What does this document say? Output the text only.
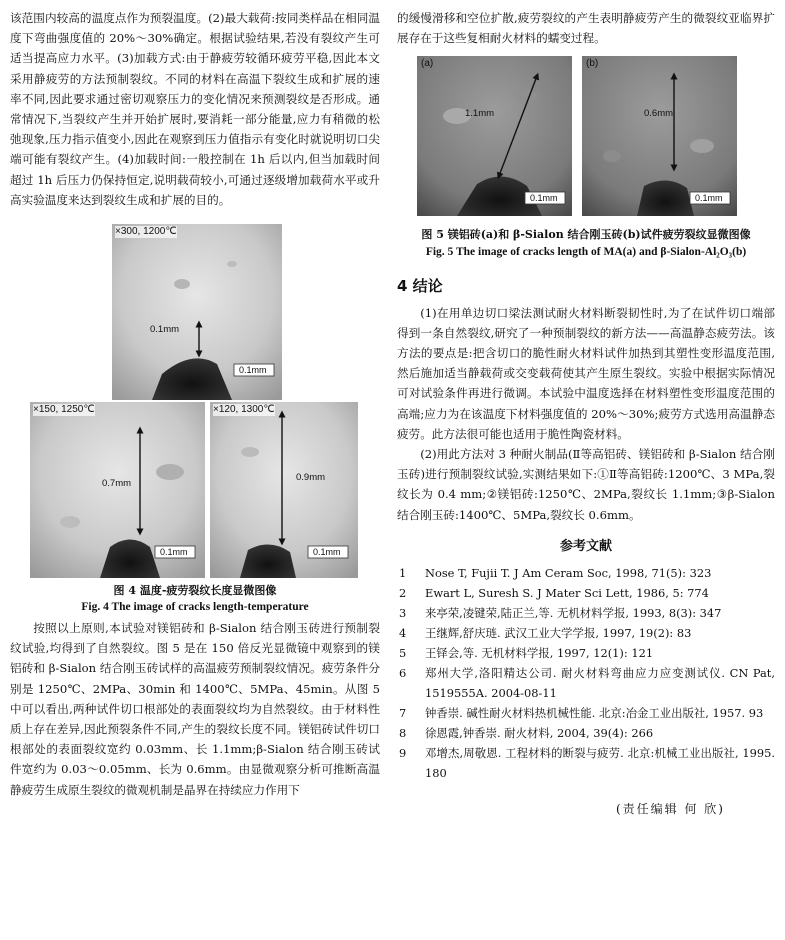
该范围内较高的温度点作为预裂温度。(2)最大载荷:按同类样品在相同温度下弯曲强度值的 20%～30%确定。根据试验结果,若没有裂纹产生可适当提高应力水平。(3)加载方式:由于静疲劳较循环疲劳平稳,因此本文采用静疲劳的方法预制裂纹。不同的材料在高温下裂纹生成和扩展的速率不同,因此要求通过密切观察压力的变化情况来预测裂纹是否形成。通常情况下,当裂纹产生并开始扩展时,要消耗一部分能量,应力有稍微的松弛现象,压力指示值变小,因此在观察到压力值指示有变化时就说明切口尖端可能有裂纹产生。(4)加载时间:一般控制在 1h 后以内,但当加载时间超过 1h 后压力仍保持恒定,说明载荷较小,可通过逐级增加载荷水平或升高实验温度来达到裂纹生成和扩展的目的。

×300, 1200℃
0.1mm
0.1mm
×150, 1250℃
0.7mm
0.1mm
×120, 1300℃
0.9mm
0.1mm
图 4 温度-疲劳裂纹长度显微图像
Fig. 4 The image of cracks length-temperature

按照以上原则,本试验对镁铝砖和 β-Sialon 结合刚玉砖进行预制裂纹试验,均得到了自然裂纹。图 5 是在 150 倍反光显微镜中观察到的镁铝砖和 β-Sialon 结合刚玉砖试样的高温疲劳预制裂纹情况。疲劳条件分别是 1250℃、2MPa、30min 和 1400℃、5MPa、45min。从图 5 中可以看出,两种试件切口根部处的表面裂纹均为自然裂纹。由于材料性质上存在差异,因此预裂条件不同,产生的裂纹长度不同。镁铝砖试件切口根部处的表面裂纹宽约 0.03mm、长 1.1mm;β-Sialon 结合刚玉砖试件宽约为 0.03～0.05mm、长为 0.6mm。由显微观察分析可推断高温静疲劳生成原生裂纹的微观机制是晶界在持续应力作用下

的缓慢滑移和空位扩散,疲劳裂纹的产生表明静疲劳产生的微裂纹亚临界扩展存在于这些复相耐火材料的蠕变过程。

(a)
1.1mm
0.1mm
(b)
0.6mm
0.1mm
图 5 镁铝砖(a)和 β-Sialon 结合刚玉砖(b)试件疲劳裂纹显微图像
Fig. 5 The image of cracks length of MA(a) and β-Sialon-Al₂O₃(b)
4 结论

(1)在用单边切口梁法测试耐火材料断裂韧性时,为了在试件切口端部得到一条自然裂纹,研究了一种预制裂纹的新方法——高温静态疲劳法。该方法的要点是:把含切口的脆性耐火材料试件加热到其塑性变形温度范围,然后施加适当静载荷或交变载荷使其产生原生裂纹。实验中根据实际情况可对试验条件再进行微调。本试验中温度选择在材料塑性变形温度范围的高端;应力为在该温度下材料强度值的 20%～30%;疲劳方式选用高温静态疲劳。此方法很可能也适用于脆性陶瓷材料。

(2)用此方法对 3 种耐火制品(Ⅱ等高铝砖、镁铝砖和 β-Sialon 结合刚玉砖)进行预制裂纹试验,实测结果如下:①Ⅱ等高铝砖:1200℃、3 MPa,裂纹长为 0.4 mm;②镁铝砖:1250℃、2MPa,裂纹长 1.1mm;③β-Sialon 结合刚玉砖:1400℃、5MPa,裂纹长 0.6mm。

参考文献
1	Nose T, Fujii T. J Am Ceram Soc, 1998, 71(5): 323
2	Ewart L, Suresh S. J Mater Sci Lett, 1986, 5: 774
3	来亭荣,凌键荣,陆正兰,等. 无机材料学报, 1993, 8(3): 347
4	王继辉,舒庆琏. 武汉工业大学学报, 1997, 19(2): 83
5	王铎会,等. 无机材料学报, 1997, 12(1): 121
6	郑州大学,洛阳精达公司. 耐火材料弯曲应力应变测试仪. CN Pat, 1519555A. 2004-08-11
7	钟香崇. 碱性耐火材料热机械性能. 北京:冶金工业出版社, 1957. 93
8	徐恩霞,钟香崇. 耐火材料, 2004, 39(4): 266
9	邓增杰,周敬恩. 工程材料的断裂与疲劳. 北京:机械工业出版社, 1995. 180
(责任编辑 何 欣)
